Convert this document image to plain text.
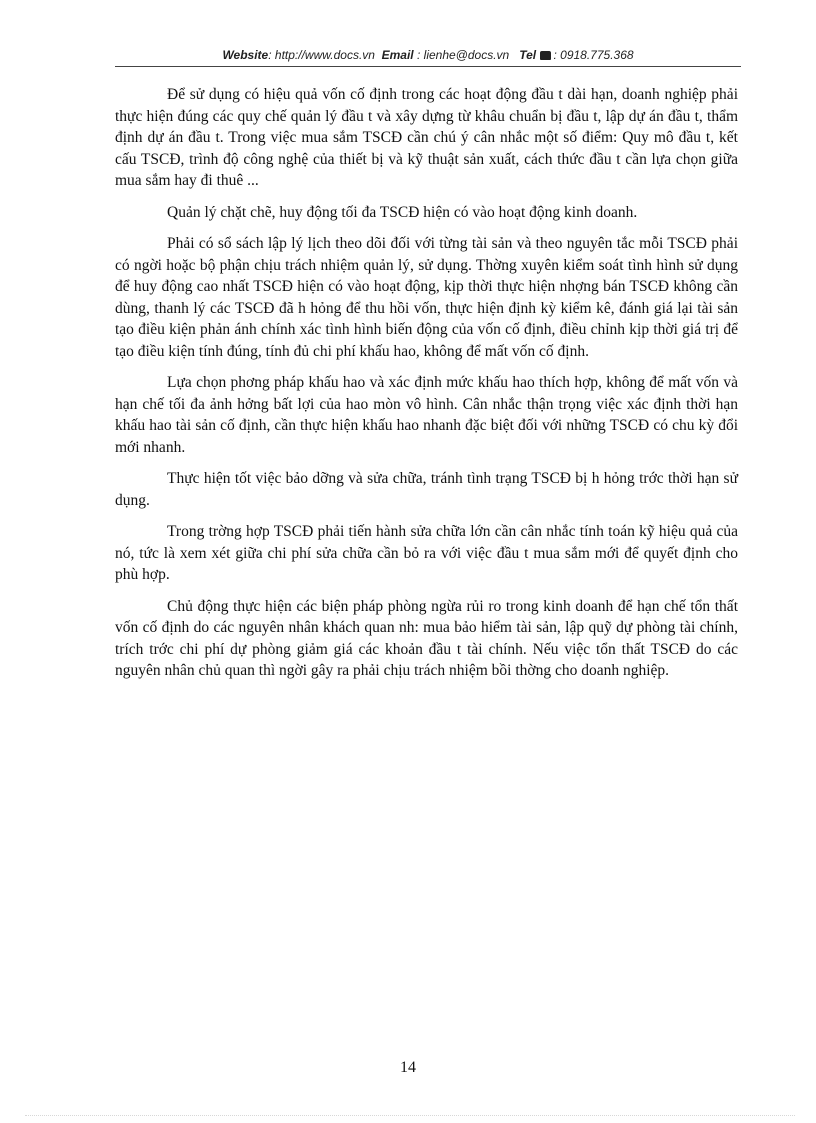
Website: http://www.docs.vn Email : lienhe@docs.vn Tel : 0918.775.368

Để sử dụng có hiệu quả vốn cố định trong các hoạt động đầu t dài hạn, doanh nghiệp phải thực hiện đúng các quy chế quản lý đầu t và xây dựng từ khâu chuẩn bị đầu t, lập dự án đầu t, thẩm định dự án đầu t. Trong việc mua sắm TSCĐ cần chú ý cân nhắc một số điểm: Quy mô đầu t, kết cấu TSCĐ, trình độ công nghệ của thiết bị và kỹ thuật sản xuất, cách thức đầu t cần lựa chọn giữa mua sắm hay đi thuê ...

Quản lý chặt chẽ, huy động tối đa TSCĐ hiện có vào hoạt động kinh doanh.

Phải có sổ sách lập lý lịch theo dõi đối với từng tài sản và theo nguyên tắc mỗi TSCĐ phải có ngời hoặc bộ phận chịu trách nhiệm quản lý, sử dụng. Thờng xuyên kiểm soát tình hình sử dụng để huy động cao nhất TSCĐ hiện có vào hoạt động, kịp thời thực hiện nhợng bán TSCĐ không cần dùng, thanh lý các TSCĐ đã h hỏng để thu hồi vốn, thực hiện định kỳ kiểm kê, đánh giá lại tài sản tạo điều kiện phản ánh chính xác tình hình biến động của vốn cố định, điều chỉnh kịp thời giá trị để tạo điều kiện tính đúng, tính đủ chi phí khấu hao, không để mất vốn cố định.

Lựa chọn phơng pháp khấu hao và xác định mức khấu hao thích hợp, không để mất vốn và hạn chế tối đa ảnh hởng bất lợi của hao mòn vô hình. Cân nhắc thận trọng việc xác định thời hạn khấu hao tài sản cố định, cần thực hiện khấu hao nhanh đặc biệt đối với những TSCĐ có chu kỳ đổi mới nhanh.

Thực hiện tốt việc bảo dỡng và sửa chữa, tránh tình trạng TSCĐ bị h hỏng trớc thời hạn sử dụng.

Trong trờng hợp TSCĐ phải tiến hành sửa chữa lớn cần cân nhắc tính toán kỹ hiệu quả của nó, tức là xem xét giữa chi phí sửa chữa cần bỏ ra với việc đầu t mua sắm mới để quyết định cho phù hợp.

Chủ động thực hiện các biện pháp phòng ngừa rủi ro trong kinh doanh để hạn chế tổn thất vốn cố định do các nguyên nhân khách quan nh: mua bảo hiểm tài sản, lập quỹ dự phòng tài chính, trích trớc chi phí dự phòng giảm giá các khoản đầu t tài chính. Nếu việc tổn thất TSCĐ do các nguyên nhân chủ quan thì ngời gây ra phải chịu trách nhiệm bồi thờng cho doanh nghiệp.

14
